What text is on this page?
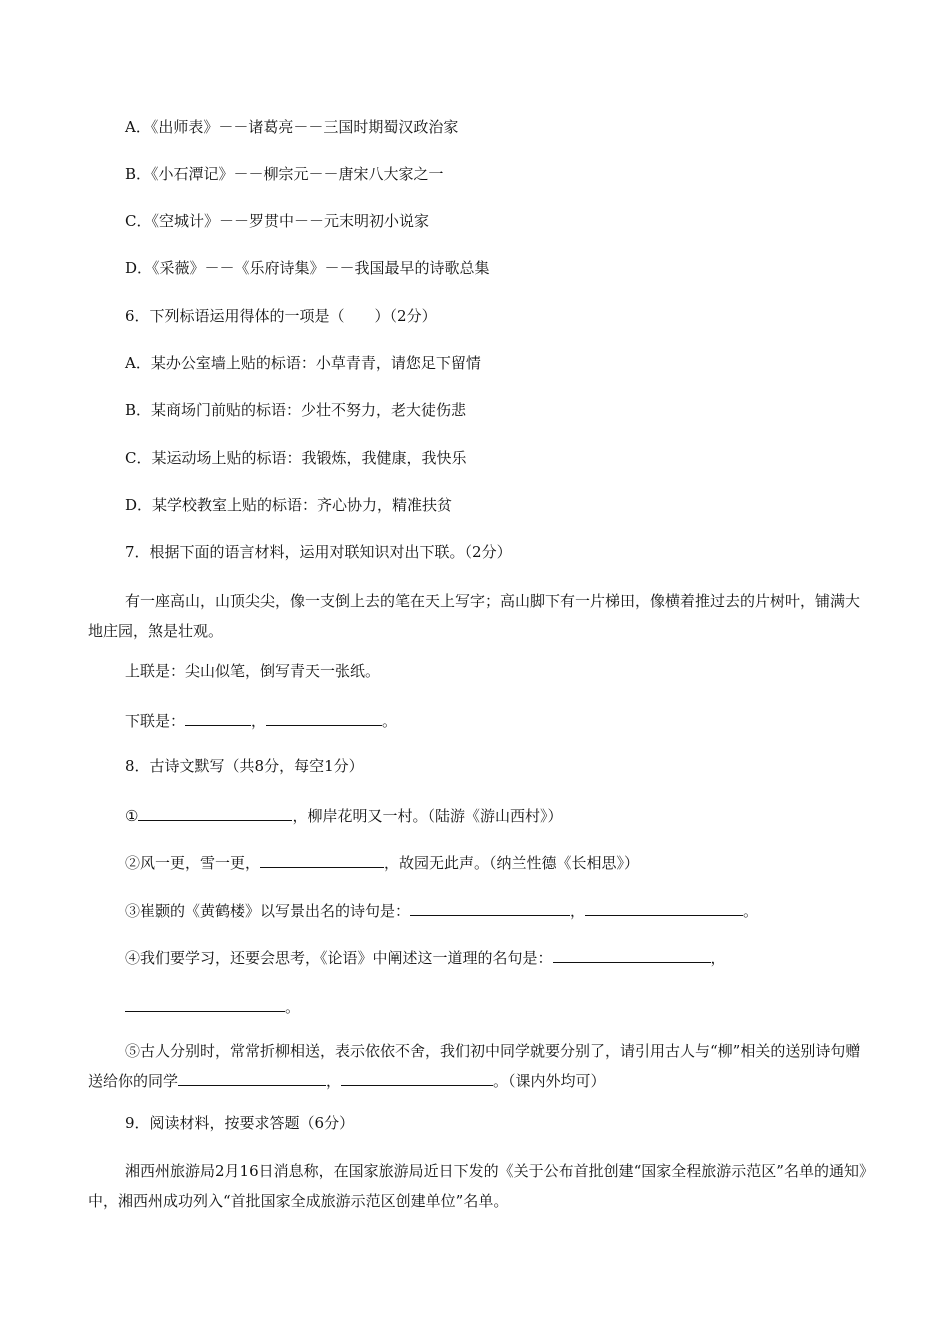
A．《出师表》－－诸葛亮－－三国时期蜀汉政治家
B．《小石潭记》－－柳宗元－－唐宋八大家之一
C．《空城计》－－罗贯中－－元末明初小说家
D．《采薇》－－《乐府诗集》－－我国最早的诗歌总集
6．下列标语运用得体的一项是（　　）（2分）
A．某办公室墙上贴的标语：小草青青，请您足下留情
B．某商场门前贴的标语：少壮不努力，老大徒伤悲
C．某运动场上贴的标语：我锻炼，我健康，我快乐
D．某学校教室上贴的标语：齐心协力，精准扶贫
7．根据下面的语言材料，运用对联知识对出下联。（2分）
有一座高山，山顶尖尖，像一支倒上去的笔在天上写字；高山脚下有一片梯田，像横着推过去的片树叶，铺满大地庄园，煞是壮观。
上联是：尖山似笔，倒写青天一张纸。
下联是：	，	。
8．古诗文默写（共8分，每空1分）
①	，柳岸花明又一村。（陆游《游山西村》）
②风一更，雪一更，	，故园无此声。（纳兰性德《长相思》）
③崔颢的《黄鹤楼》以写景出名的诗句是：	，	。
④我们要学习，还要会思考，《论语》中阐述这一道理的名句是：	，
。
⑤古人分别时，常常折柳相送，表示依依不舍，我们初中同学就要分别了，请引用古人与“柳”相关的送别诗句赠送给你的同学	，	。（课内外均可）
9．阅读材料，按要求答题（6分）
湘西州旅游局2月16日消息称，在国家旅游局近日下发的《关于公布首批创建“国家全程旅游示范区”名单的通知》中，湘西州成功列入“首批国家全成旅游示范区创建单位”名单。
